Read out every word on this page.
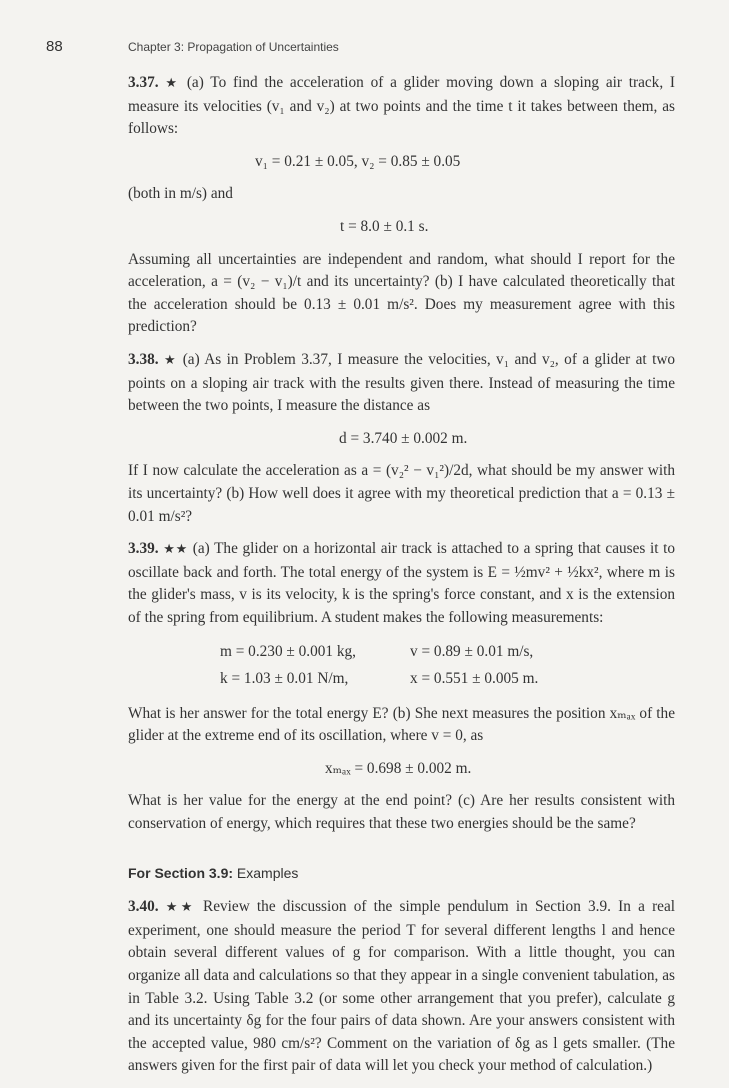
88	Chapter 3: Propagation of Uncertainties

3.37. ★ (a) To find the acceleration of a glider moving down a sloping air track, I measure its velocities (v₁ and v₂) at two points and the time t it takes between them, as follows:

v₁ = 0.21 ± 0.05, v₂ = 0.85 ± 0.05

(both in m/s) and

t = 8.0 ± 0.1 s.

Assuming all uncertainties are independent and random, what should I report for the acceleration, a = (v₂ − v₁)/t and its uncertainty? (b) I have calculated theoretically that the acceleration should be 0.13 ± 0.01 m/s². Does my measurement agree with this prediction?

3.38. ★ (a) As in Problem 3.37, I measure the velocities, v₁ and v₂, of a glider at two points on a sloping air track with the results given there. Instead of measuring the time between the two points, I measure the distance as

d = 3.740 ± 0.002 m.

If I now calculate the acceleration as a = (v₂² − v₁²)/2d, what should be my answer with its uncertainty? (b) How well does it agree with my theoretical prediction that a = 0.13 ± 0.01 m/s²?

3.39. ★★ (a) The glider on a horizontal air track is attached to a spring that causes it to oscillate back and forth. The total energy of the system is E = ½mv² + ½kx², where m is the glider's mass, v is its velocity, k is the spring's force constant, and x is the extension of the spring from equilibrium. A student makes the following measurements:

m = 0.230 ± 0.001 kg,	v = 0.89 ± 0.01 m/s,
k = 1.03 ± 0.01 N/m,	x = 0.551 ± 0.005 m.

What is her answer for the total energy E? (b) She next measures the position xₘₐₓ of the glider at the extreme end of its oscillation, where v = 0, as

xₘₐₓ = 0.698 ± 0.002 m.

What is her value for the energy at the end point? (c) Are her results consistent with conservation of energy, which requires that these two energies should be the same?

For Section 3.9: Examples

3.40. ★★ Review the discussion of the simple pendulum in Section 3.9. In a real experiment, one should measure the period T for several different lengths l and hence obtain several different values of g for comparison. With a little thought, you can organize all data and calculations so that they appear in a single convenient tabulation, as in Table 3.2. Using Table 3.2 (or some other arrangement that you prefer), calculate g and its uncertainty δg for the four pairs of data shown. Are your answers consistent with the accepted value, 980 cm/s²? Comment on the variation of δg as l gets smaller. (The answers given for the first pair of data will let you check your method of calculation.)
